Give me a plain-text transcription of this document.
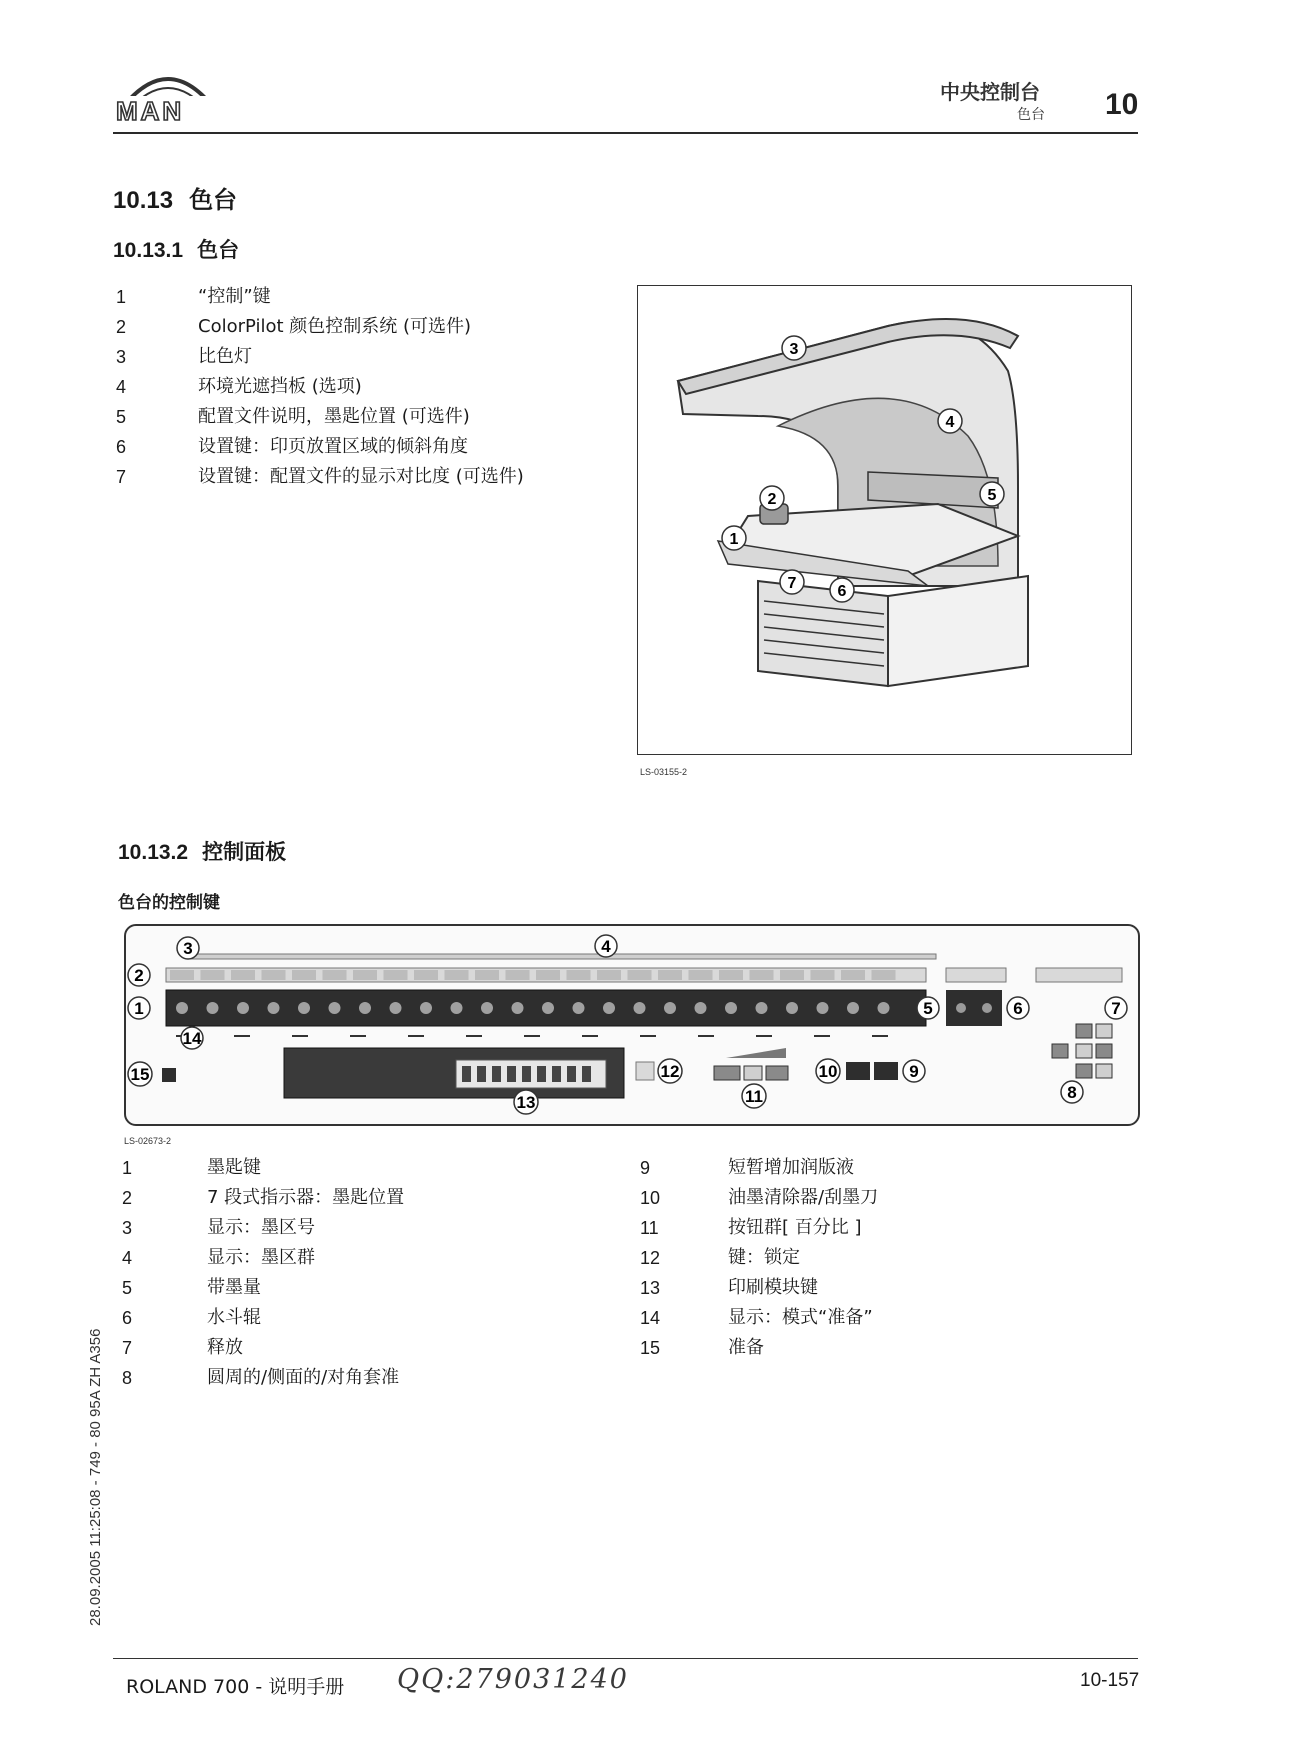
MAN
中央控制台
色台 10
10.13 色台
10.13.1 色台
1	“控制”键
2	ColorPilot 颜色控制系统 (可选件)
3	比色灯
4	环境光遮挡板 (选项)
5	配置文件说明，墨匙位置 (可选件)
6	设置键：印页放置区域的倾斜角度
7	设置键：配置文件的显示对比度 (可选件)
3
4
5
2
1
7	6
LS-03155-2
10.13.2 控制面板
色台的控制键
3	4
2
1
14
15
13
12
11
10	9
5	6	7
8
LS-02673-2
1	墨匙键
2	7 段式指示器：墨匙位置
3	显示：墨区号
4	显示：墨区群
5	带墨量
6	水斗辊
7	释放
8	圆周的/侧面的/对角套准
9	短暂增加润版液
10	油墨清除器/刮墨刀
11	按钮群[ 百分比 ]
12	键：锁定
13	印刷模块键
14	显示：模式“准备”
15	准备
28.09.2005 11:25:08 - 749 - 80 95A ZH A356
ROLAND 700 - 说明手册 QQ:279031240	10-157
